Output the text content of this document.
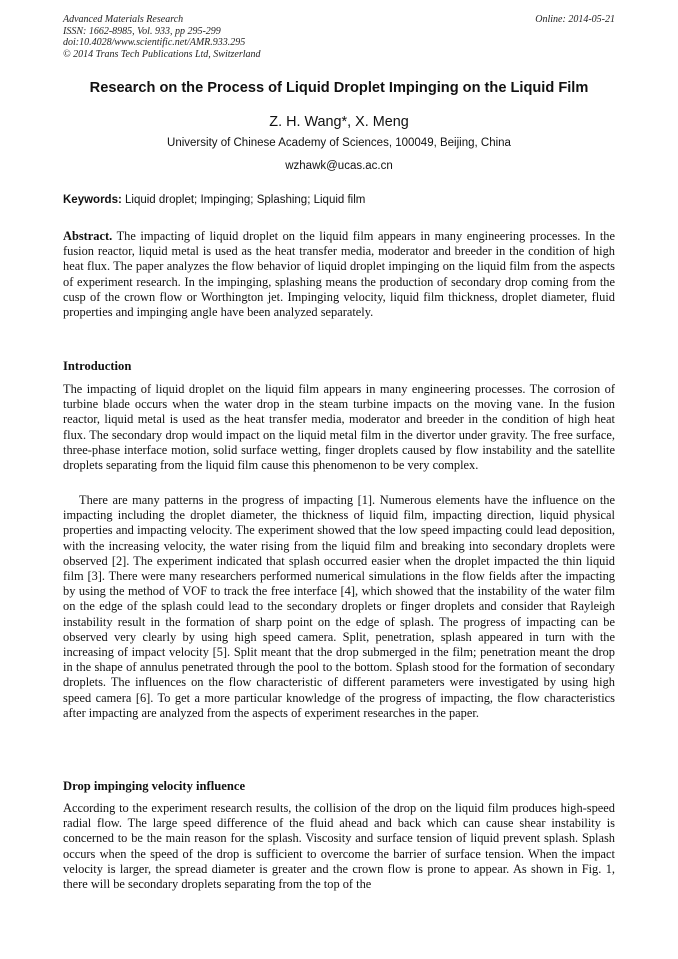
Advanced Materials Research
ISSN: 1662-8985, Vol. 933, pp 295-299
doi:10.4028/www.scientific.net/AMR.933.295
© 2014 Trans Tech Publications Ltd, Switzerland
Online: 2014-05-21
Research on the Process of Liquid Droplet Impinging on the Liquid Film
Z. H. Wang*, X. Meng
University of Chinese Academy of Sciences, 100049, Beijing, China
wzhawk@ucas.ac.cn
Keywords: Liquid droplet; Impinging; Splashing; Liquid film

Abstract. The impacting of liquid droplet on the liquid film appears in many engineering processes. In the fusion reactor, liquid metal is used as the heat transfer media, moderator and breeder in the condition of high heat flux. The paper analyzes the flow behavior of liquid droplet impinging on the liquid film from the aspects of experiment research. In the impinging, splashing means the production of secondary drop coming from the cusp of the crown flow or Worthington jet. Impinging velocity, liquid film thickness, droplet diameter, fluid properties and impinging angle have been analyzed separately.

Introduction

The impacting of liquid droplet on the liquid film appears in many engineering processes. The corrosion of turbine blade occurs when the water drop in the steam turbine impacts on the moving vane. In the fusion reactor, liquid metal is used as the heat transfer media, moderator and breeder in the condition of high heat flux. The secondary drop would impact on the liquid metal film in the divertor under gravity. The free surface, three-phase interface motion, solid surface wetting, finger droplets caused by flow instability and the satellite droplets separating from the liquid film cause this phenomenon to be very complex.

There are many patterns in the progress of impacting [1]. Numerous elements have the influence on the impacting including the droplet diameter, the thickness of liquid film, impacting direction, liquid physical properties and impacting velocity. The experiment showed that the low speed impacting could lead deposition, with the increasing velocity, the water rising from the liquid film and breaking into secondary droplets were observed [2]. The experiment indicated that splash occurred easier when the droplet impacted the thin liquid film [3]. There were many researchers performed numerical simulations in the flow fields after the impacting by using the method of VOF to track the free interface [4], which showed that the instability of the water film on the edge of the splash could lead to the secondary droplets or finger droplets and consider that Rayleigh instability result in the formation of sharp point on the edge of splash. The progress of impacting can be observed very clearly by using high speed camera. Split, penetration, splash appeared in turn with the increasing of impact velocity [5]. Split meant that the drop submerged in the film; penetration meant the drop in the shape of annulus penetrated through the pool to the bottom. Splash stood for the formation of secondary droplets. The influences on the flow characteristic of different parameters were investigated by using high speed camera [6]. To get a more particular knowledge of the progress of impacting, the flow characteristics after impacting are analyzed from the aspects of experiment researches in the paper.

Drop impinging velocity influence

According to the experiment research results, the collision of the drop on the liquid film produces high-speed radial flow. The large speed difference of the fluid ahead and back which can cause shear instability is concerned to be the main reason for the splash. Viscosity and surface tension of liquid prevent splash. Splash occurs when the speed of the drop is sufficient to overcome the barrier of surface tension. When the impact velocity is larger, the spread diameter is greater and the crown flow is prone to appear. As shown in Fig. 1, there will be secondary droplets separating from the top of the
